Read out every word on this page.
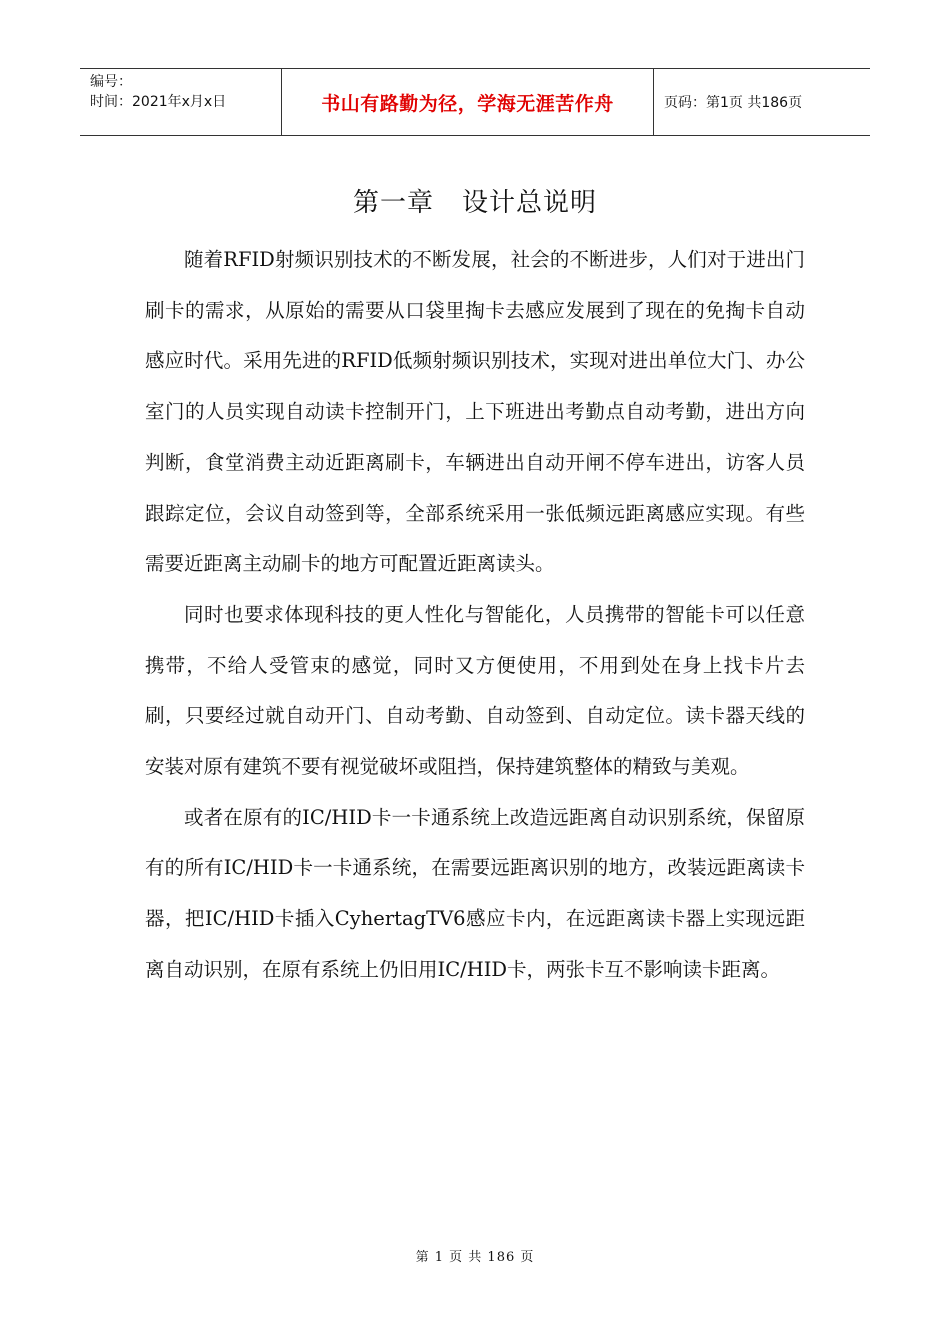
编号：
时间：2021年x月x日	书山有路勤为径，学海无涯苦作舟	页码：第1页 共186页
第一章 设计总说明

随着RFID射频识别技术的不断发展，社会的不断进步，人们对于进出门刷卡的需求，从原始的需要从口袋里掏卡去感应发展到了现在的免掏卡自动感应时代。采用先进的RFID低频射频识别技术，实现对进出单位大门、办公室门的人员实现自动读卡控制开门，上下班进出考勤点自动考勤，进出方向判断，食堂消费主动近距离刷卡，车辆进出自动开闸不停车进出，访客人员跟踪定位，会议自动签到等，全部系统采用一张低频远距离感应实现。有些需要近距离主动刷卡的地方可配置近距离读头。

同时也要求体现科技的更人性化与智能化，人员携带的智能卡可以任意携带，不给人受管束的感觉，同时又方便使用，不用到处在身上找卡片去刷，只要经过就自动开门、自动考勤、自动签到、自动定位。读卡器天线的安装对原有建筑不要有视觉破坏或阻挡，保持建筑整体的精致与美观。

或者在原有的IC/HID卡一卡通系统上改造远距离自动识别系统，保留原有的所有IC/HID卡一卡通系统，在需要远距离识别的地方，改装远距离读卡器，把IC/HID卡插入CyhertagTV6感应卡内，在远距离读卡器上实现远距离自动识别，在原有系统上仍旧用IC/HID卡，两张卡互不影响读卡距离。

第 1 页 共 186 页
